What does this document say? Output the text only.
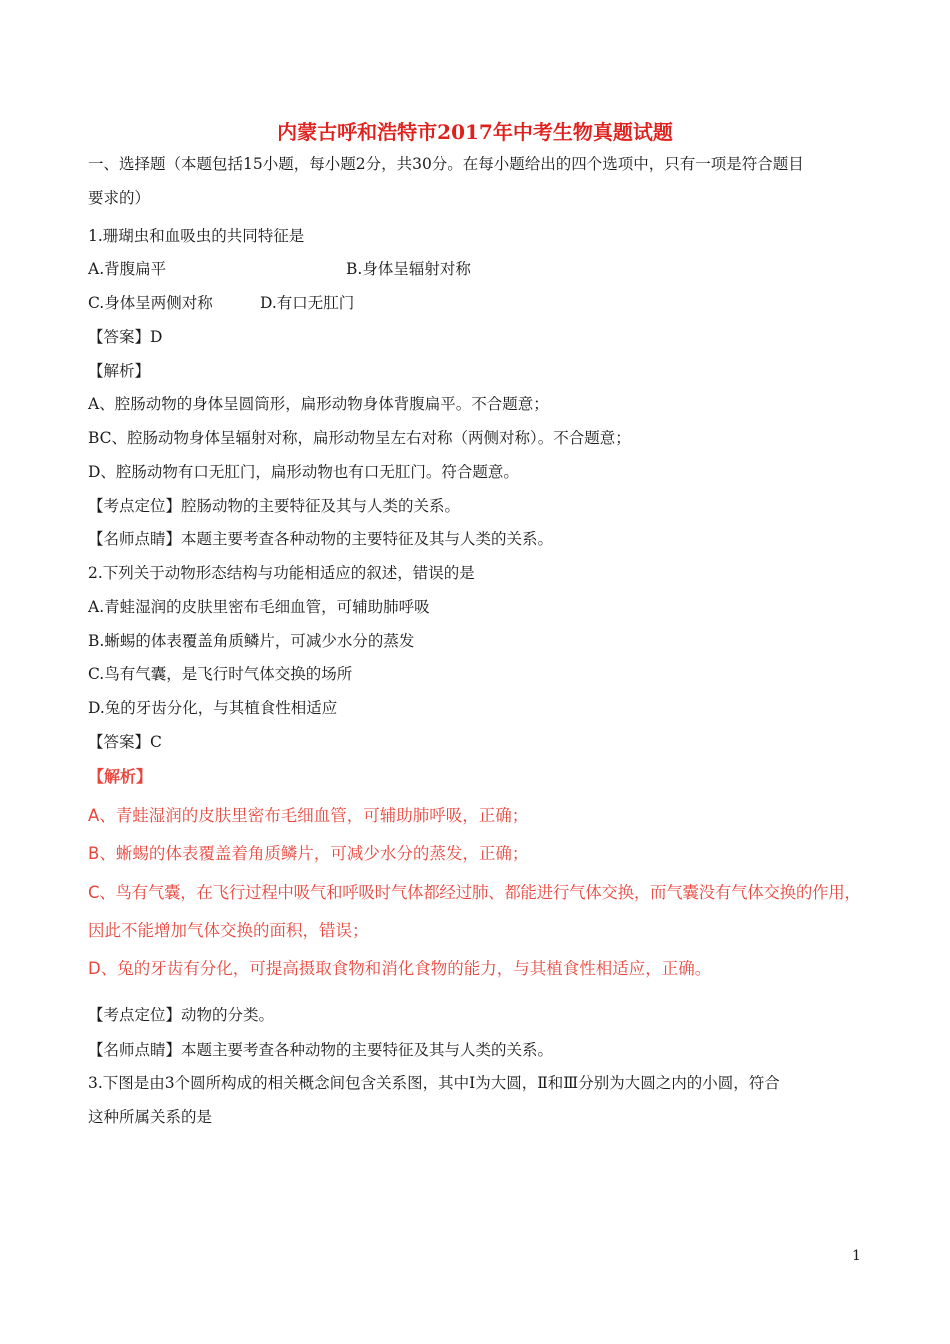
内蒙古呼和浩特市2017年中考生物真题试题
一、选择题（本题包括15小题，每小题2分，共30分。在每小题给出的四个选项中，只有一项是符合题目
要求的）
1.珊瑚虫和血吸虫的共同特征是
A.背腹扁平	B.身体呈辐射对称
C.身体呈两侧对称	D.有口无肛门
【答案】D
【解析】
A、腔肠动物的身体呈圆筒形，扁形动物身体背腹扁平。不合题意；
BC、腔肠动物身体呈辐射对称，扁形动物呈左右对称（两侧对称）。不合题意；
D、腔肠动物有口无肛门，扁形动物也有口无肛门。符合题意。
【考点定位】腔肠动物的主要特征及其与人类的关系。
【名师点睛】本题主要考查各种动物的主要特征及其与人类的关系。
2.下列关于动物形态结构与功能相适应的叙述，错误的是
A.青蛙湿润的皮肤里密布毛细血管，可辅助肺呼吸
B.蜥蜴的体表覆盖角质鳞片，可减少水分的蒸发
C.鸟有气囊，是飞行时气体交换的场所
D.兔的牙齿分化，与其植食性相适应
【答案】C
【解析】
A、青蛙湿润的皮肤里密布毛细血管，可辅助肺呼吸，正确；
B、蜥蜴的体表覆盖着角质鳞片，可减少水分的蒸发，正确；
C、鸟有气囊，在飞行过程中吸气和呼吸时气体都经过肺、都能进行气体交换，而气囊没有气体交换的作用，
因此不能增加气体交换的面积，错误；
D、兔的牙齿有分化，可提高摄取食物和消化食物的能力，与其植食性相适应，正确。
【考点定位】动物的分类。
【名师点睛】本题主要考查各种动物的主要特征及其与人类的关系。
3.下图是由3个圆所构成的相关概念间包含关系图，其中Ⅰ为大圆，Ⅱ和Ⅲ分别为大圆之内的小圆，符合
这种所属关系的是
1
